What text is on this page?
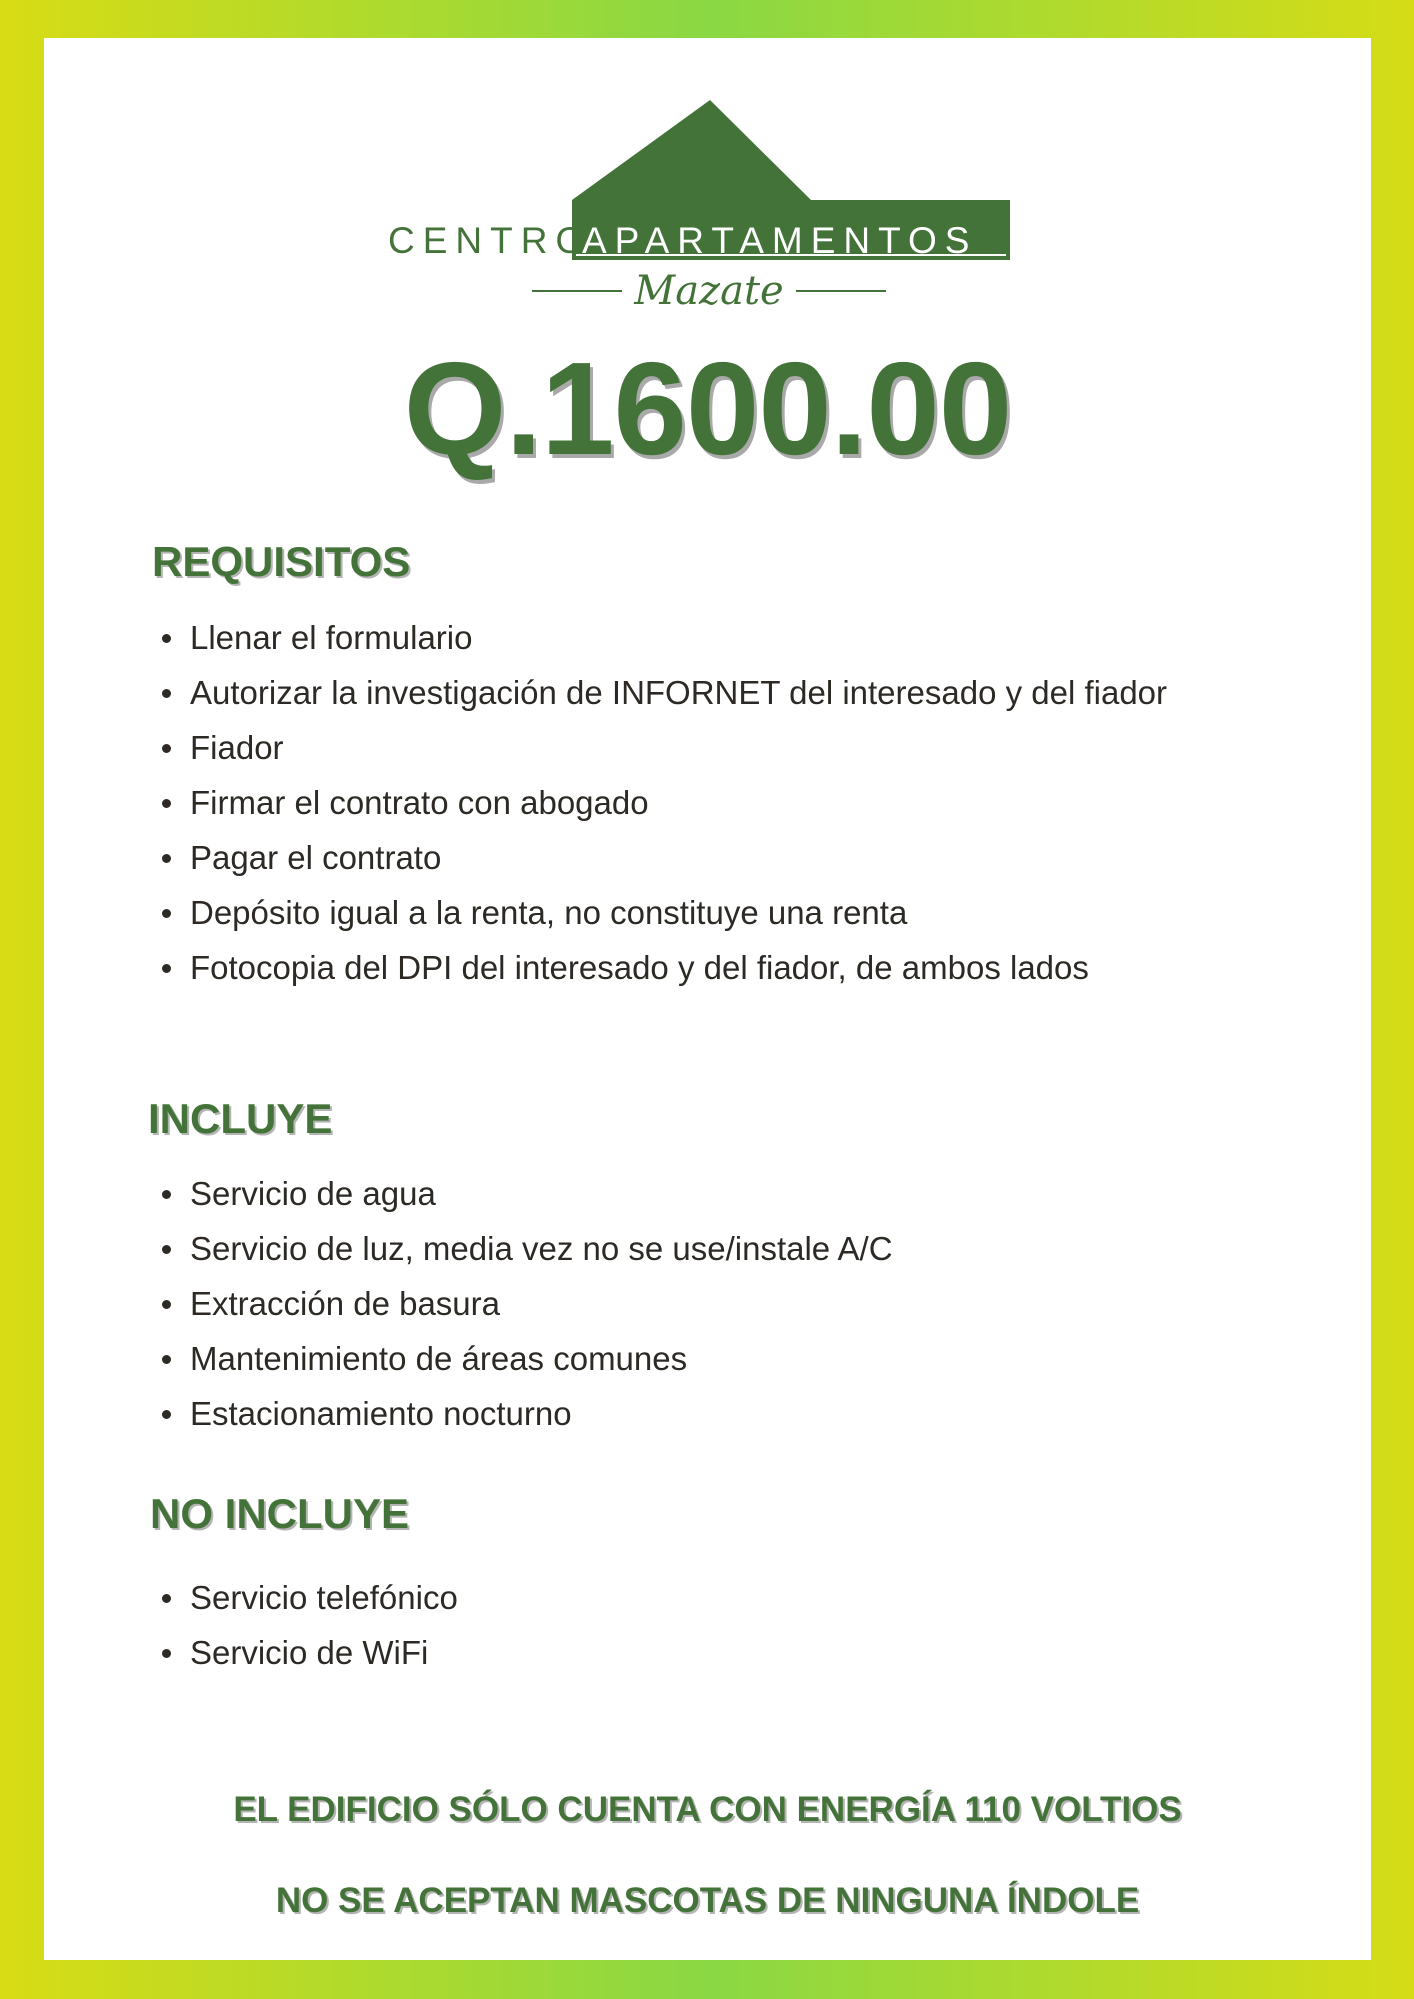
CENTRO
APARTAMENTOS
Mazate
Q.1600.00
REQUISITOS
Llenar el formulario
Autorizar la investigación de INFORNET del interesado y del fiador
Fiador
Firmar el contrato con abogado
Pagar el contrato
Depósito igual a la renta, no constituye una renta
Fotocopia del DPI del interesado y del fiador, de ambos lados
INCLUYE
Servicio de agua
Servicio de luz, media vez no se use/instale A/C
Extracción de basura
Mantenimiento de áreas comunes
Estacionamiento nocturno
NO INCLUYE
Servicio telefónico
Servicio de WiFi
EL EDIFICIO SÓLO CUENTA CON ENERGÍA 110 VOLTIOS
NO SE ACEPTAN MASCOTAS DE NINGUNA ÍNDOLE
